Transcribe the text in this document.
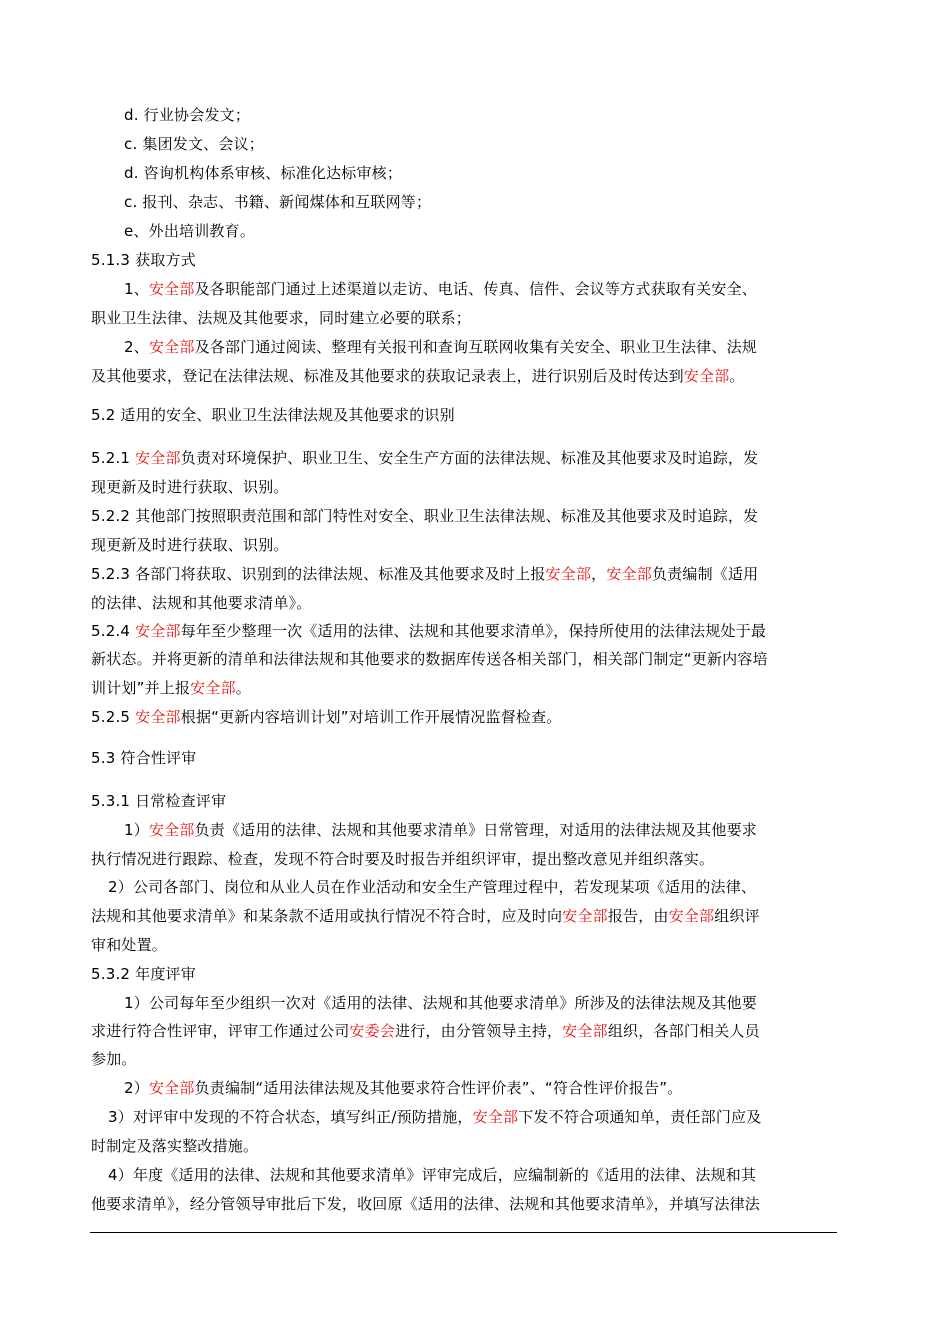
d. 行业协会发文；
c. 集团发文、会议；
d. 咨询机构体系审核、标准化达标审核；
c. 报刊、杂志、书籍、新闻煤体和互联网等；
e、外出培训教育。
5.1.3 获取方式
1、安全部及各职能部门通过上述渠道以走访、电话、传真、信件、会议等方式获取有关安全、
职业卫生法律、法规及其他要求，同时建立必要的联系；
2、安全部及各部门通过阅读、整理有关报刊和查询互联网收集有关安全、职业卫生法律、法规
及其他要求，登记在法律法规、标准及其他要求的获取记录表上，进行识别后及时传达到安全部。
5.2 适用的安全、职业卫生法律法规及其他要求的识别
5.2.1 安全部负责对环境保护、职业卫生、安全生产方面的法律法规、标准及其他要求及时追踪，发
现更新及时进行获取、识别。
5.2.2 其他部门按照职责范围和部门特性对安全、职业卫生法律法规、标准及其他要求及时追踪，发
现更新及时进行获取、识别。
5.2.3 各部门将获取、识别到的法律法规、标准及其他要求及时上报安全部，安全部负责编制《适用
的法律、法规和其他要求清单》。
5.2.4 安全部每年至少整理一次《适用的法律、法规和其他要求清单》，保持所使用的法律法规处于最
新状态。并将更新的清单和法律法规和其他要求的数据库传送各相关部门，相关部门制定“更新内容培
训计划”并上报安全部。
5.2.5 安全部根据“更新内容培训计划”对培训工作开展情况监督检查。
5.3 符合性评审
5.3.1 日常检查评审
1）安全部负责《适用的法律、法规和其他要求清单》日常管理，对适用的法律法规及其他要求
执行情况进行跟踪、检查，发现不符合时要及时报告并组织评审，提出整改意见并组织落实。
2）公司各部门、岗位和从业人员在作业活动和安全生产管理过程中，若发现某项《适用的法律、
法规和其他要求清单》和某条款不适用或执行情况不符合时，应及时向安全部报告，由安全部组织评
审和处置。
5.3.2 年度评审
1）公司每年至少组织一次对《适用的法律、法规和其他要求清单》所涉及的法律法规及其他要
求进行符合性评审，评审工作通过公司安委会进行，由分管领导主持，安全部组织，各部门相关人员
参加。
2）安全部负责编制“适用法律法规及其他要求符合性评价表”、“符合性评价报告”。
3）对评审中发现的不符合状态，填写纠正/预防措施，安全部下发不符合项通知单，责任部门应及
时制定及落实整改措施。
4）年度《适用的法律、法规和其他要求清单》评审完成后，应编制新的《适用的法律、法规和其
他要求清单》，经分管领导审批后下发，收回原《适用的法律、法规和其他要求清单》，并填写法律法
